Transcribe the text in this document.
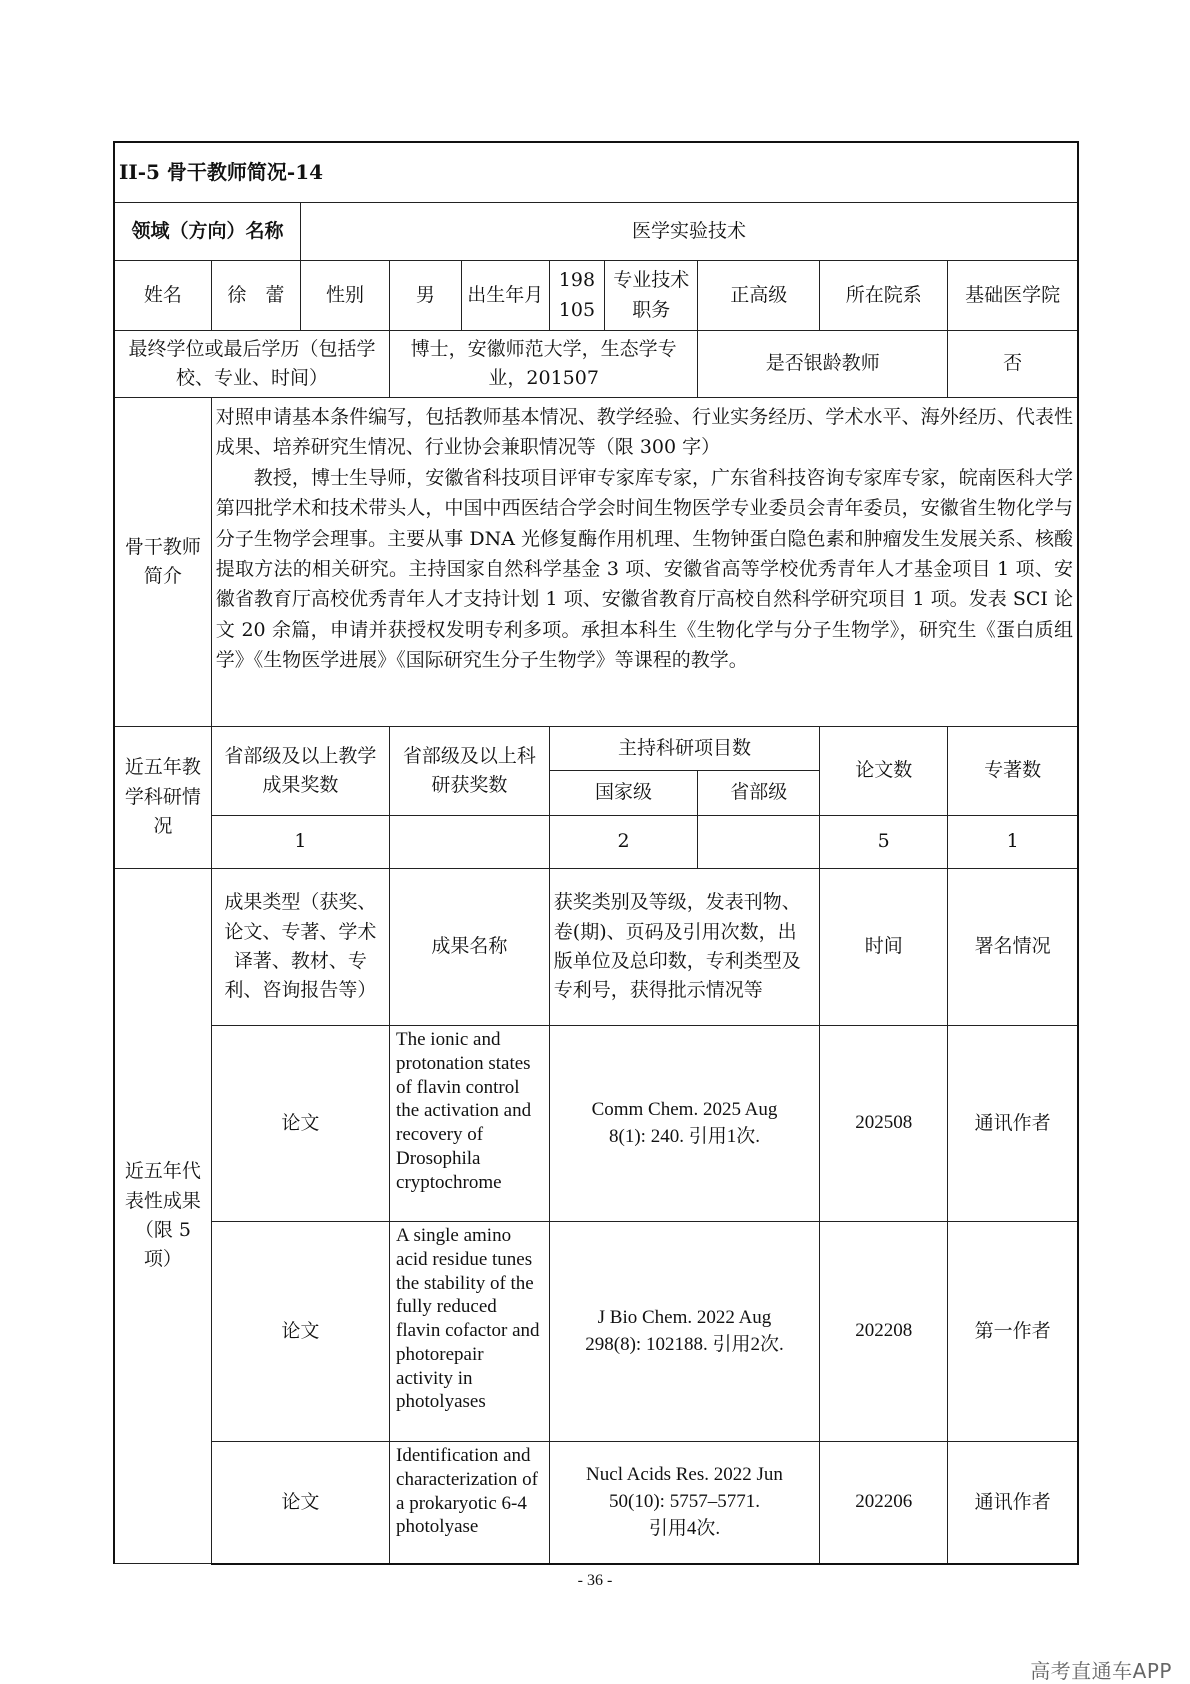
II-5 骨干教师简况-14									
领域（方向）名称		医学实验技术							
姓名	徐　蕾	性别	男	出生年月	198105	专业技术职务	正高级	所在院系	基础医学院
最终学位或最后学历（包括学校、专业、时间）			博士，安徽师范大学，生态学专业，201507				是否银龄教师		否
骨干教师简介	对照申请基本条件编写，包括教师基本情况、教学经验、行业实务经历、学术水平、海外经历、代表性成果、培养研究生情况、行业协会兼职情况等（限 300 字）

教授，博士生导师，安徽省科技项目评审专家库专家，广东省科技咨询专家库专家，皖南医科大学第四批学术和技术带头人，中国中西医结合学会时间生物医学专业委员会青年委员，安徽省生物化学与分子生物学会理事。主要从事 DNA 光修复酶作用机理、生物钟蛋白隐色素和肿瘤发生发展关系、核酸提取方法的相关研究。主持国家自然科学基金 3 项、安徽省高等学校优秀青年人才基金项目 1 项、安徽省教育厅高校优秀青年人才支持计划 1 项、安徽省教育厅高校自然科学研究项目 1 项。发表 SCI 论文 20 余篇，申请并获授权发明专利多项。承担本科生《生物化学与分子生物学》，研究生《蛋白质组学》《生物医学进展》《国际研究生分子生物学》等课程的教学。								

近五年教学科研情况	省部级及以上教学成果奖数		省部级及以上科研获奖数		主持科研项目数			论文数	专著数
					国家级		省部级		
	1				2			5	1
近五年代表性成果（限 5 项）	成果类型（获奖、论文、专著、学术译著、教材、专利、咨询报告等）		成果名称		获奖类别及等级，发表刊物、卷(期)、页码及引用次数，出版单位及总印数，专利类型及专利号，获得批示情况等			时间	署名情况
	论文		The ionic and protonation states of flavin control the activation and recovery of Drosophila cryptochrome		Comm Chem. 2025 Aug
8(1): 240. 引用1次.			202508	通讯作者
	论文		A single amino acid residue tunes the stability of the fully reduced flavin cofactor and photorepair activity in photolyases		J Bio Chem. 2022 Aug
298(8): 102188. 引用2次.			202208	第一作者
	论文		Identification and characterization of a prokaryotic 6-4 photolyase		Nucl Acids Res. 2022 Jun
50(10): 5757–5771.
引用4次.			202206	通讯作者
- 36 -
高考直通车APP
